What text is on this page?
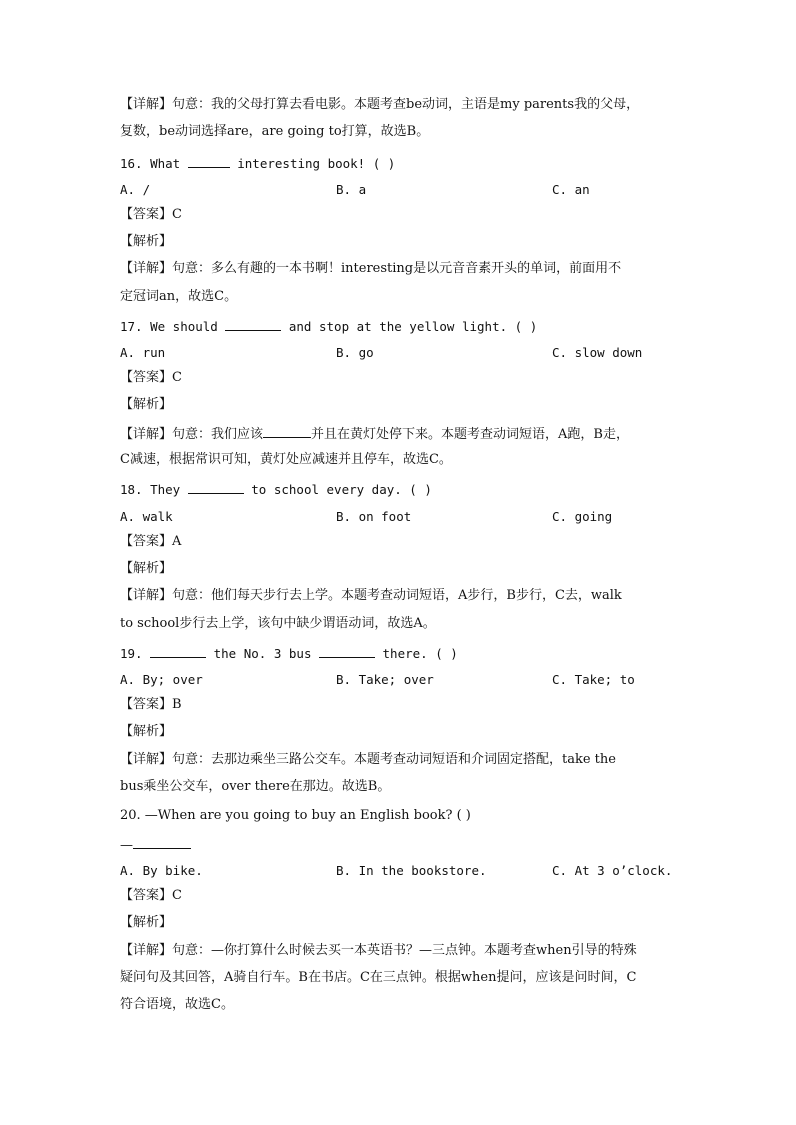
【详解】句意：我的父母打算去看电影。本题考查be动词，主语是my parents我的父母，
复数，be动词选择are，are going to打算，故选B。
16. What	interesting book! ( )
A. /	B. a	C. an
【答案】C
【解析】
【详解】句意：多么有趣的一本书啊！interesting是以元音音素开头的单词，前面用不
定冠词an，故选C。
17. We should	and stop at the yellow light. ( )
A. run	B. go	C. slow down
【答案】C
【解析】
【详解】句意：我们应该	并且在黄灯处停下来。本题考查动词短语，A跑，B走，
C减速，根据常识可知，黄灯处应减速并且停车，故选C。
18. They	to school every day. ( )
A. walk	B. on foot	C. going
【答案】A
【解析】
【详解】句意：他们每天步行去上学。本题考查动词短语，A步行，B步行，C去，walk
to school步行去上学，该句中缺少谓语动词，故选A。
19.	the No. 3 bus	there. ( )
A. By; over	B. Take; over	C. Take; to
【答案】B
【解析】
【详解】句意：去那边乘坐三路公交车。本题考查动词短语和介词固定搭配，take the
bus乘坐公交车，over there在那边。故选B。
20. —When are you going to buy an English book? ( )
—
A. By bike.	B. In the bookstore.	C. At 3 o’clock.
【答案】C
【解析】
【详解】句意：—你打算什么时候去买一本英语书？—三点钟。本题考查when引导的特殊
疑问句及其回答，A骑自行车。B在书店。C在三点钟。根据when提问，应该是问时间，C
符合语境，故选C。
